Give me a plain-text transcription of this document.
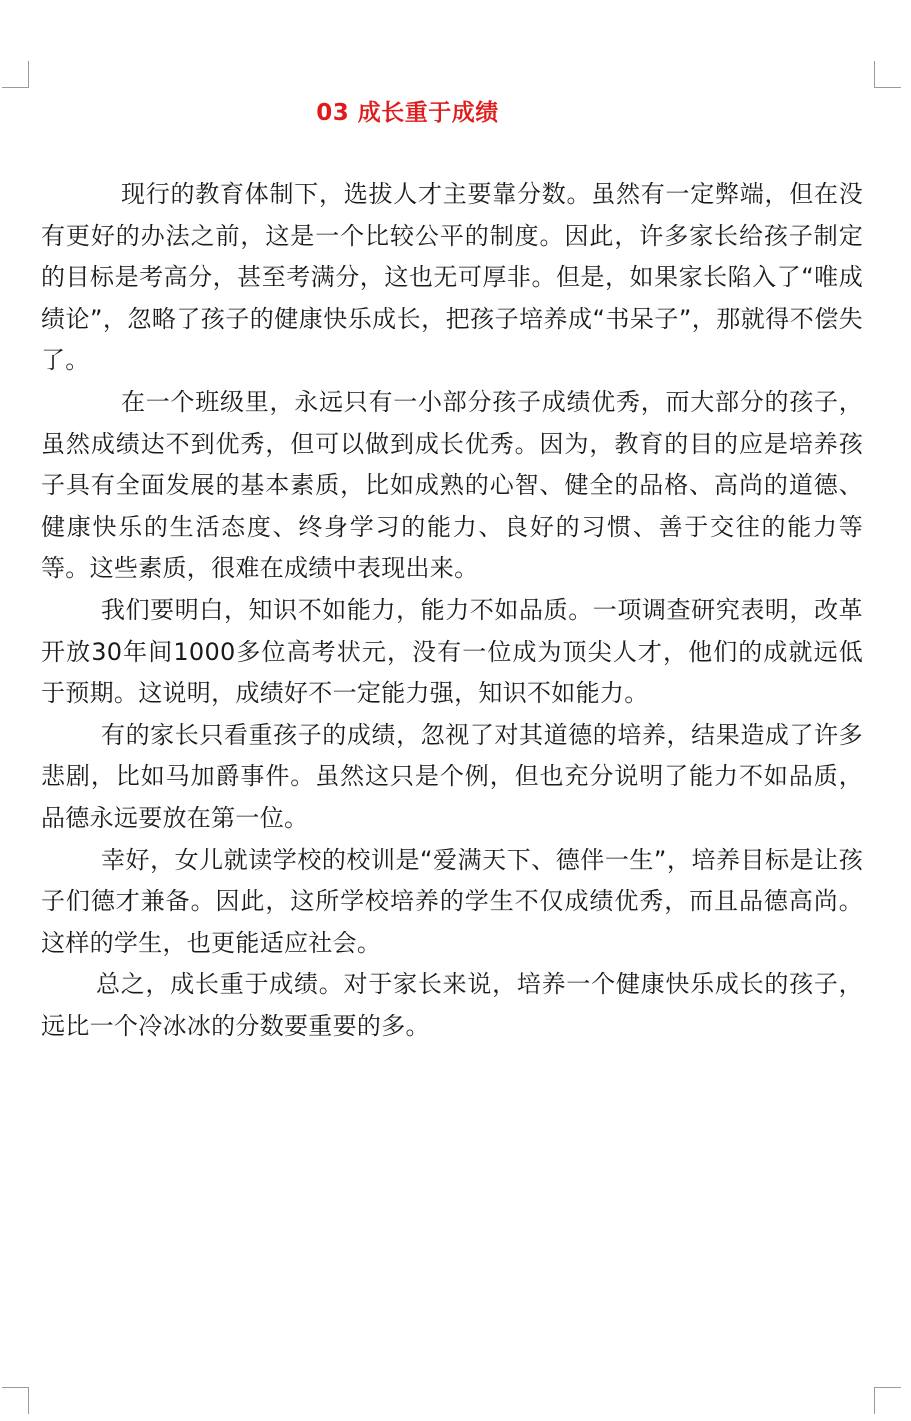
03 成长重于成绩

现行的教育体制下，选拔人才主要靠分数。虽然有一定弊端，但在没有更好的办法之前，这是一个比较公平的制度。因此，许多家长给孩子制定的目标是考高分，甚至考满分，这也无可厚非。但是，如果家长陷入了“唯成绩论”，忽略了孩子的健康快乐成长，把孩子培养成“书呆子”，那就得不偿失了。

在一个班级里，永远只有一小部分孩子成绩优秀，而大部分的孩子，虽然成绩达不到优秀，但可以做到成长优秀。因为，教育的目的应是培养孩子具有全面发展的基本素质，比如成熟的心智、健全的品格、高尚的道德、健康快乐的生活态度、终身学习的能力、良好的习惯、善于交往的能力等等。这些素质，很难在成绩中表现出来。

我们要明白，知识不如能力，能力不如品质。一项调查研究表明，改革开放30年间1000多位高考状元，没有一位成为顶尖人才，他们的成就远低于预期。这说明，成绩好不一定能力强，知识不如能力。

有的家长只看重孩子的成绩，忽视了对其道德的培养，结果造成了许多悲剧，比如马加爵事件。虽然这只是个例，但也充分说明了能力不如品质，品德永远要放在第一位。

幸好，女儿就读学校的校训是“爱满天下、德伴一生”，培养目标是让孩子们德才兼备。因此，这所学校培养的学生不仅成绩优秀，而且品德高尚。这样的学生，也更能适应社会。

总之，成长重于成绩。对于家长来说，培养一个健康快乐成长的孩子，远比一个冷冰冰的分数要重要的多。
